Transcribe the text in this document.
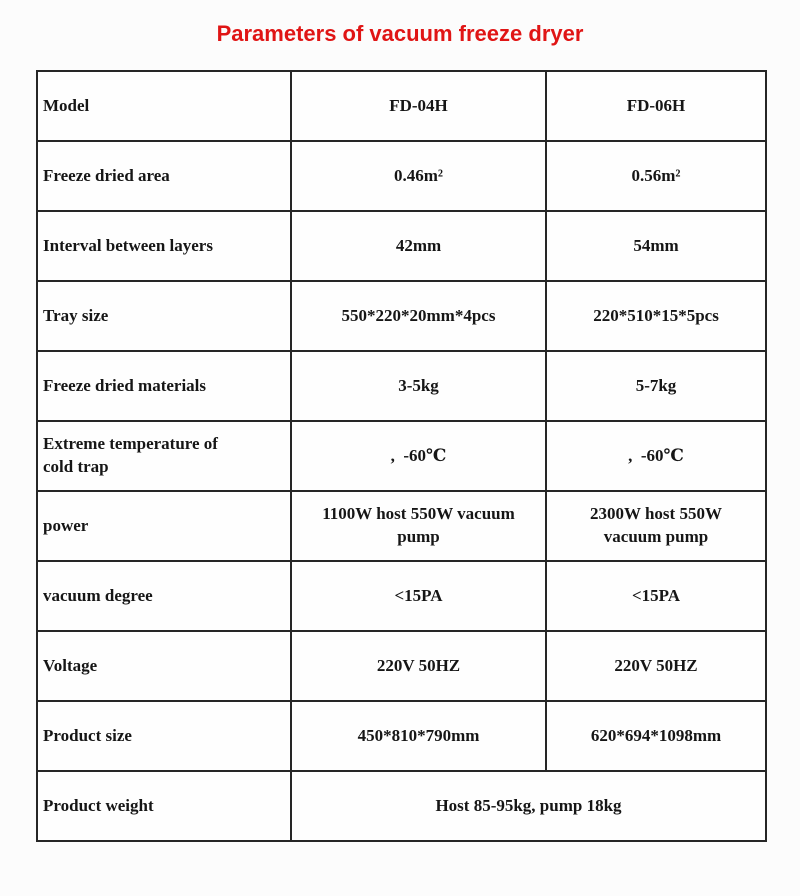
Parameters of vacuum freeze dryer
Model	FD-04H	FD-06H
Freeze dried area	0.46m²	0.56m²
Interval between layers	42mm	54mm
Tray size	550*220*20mm*4pcs	220*510*15*5pcs
Freeze dried materials	3-5kg	5-7kg
Extreme temperature of cold trap	,  -60℃	,  -60℃
power	1100W host 550W vacuum pump	2300W host 550W vacuum pump
vacuum degree	<15PA	<15PA
Voltage	220V 50HZ	220V 50HZ
Product size	450*810*790mm	620*694*1098mm
Product weight	Host 85-95kg, pump 18kg	
